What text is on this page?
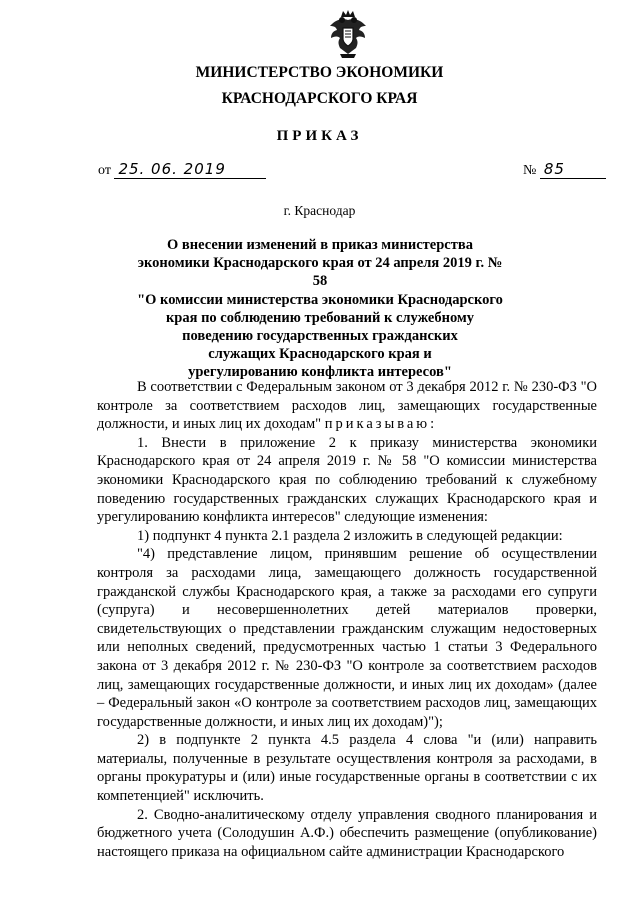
МИНИСТЕРСТВО ЭКОНОМИКИ
КРАСНОДАРСКОГО КРАЯ
ПРИКАЗ
от 25. 06. 2019	№ 85
г. Краснодар
О внесении изменений в приказ министерства
экономики Краснодарского края от 24 апреля 2019 г. № 58
"О комиссии министерства экономики Краснодарского
края по соблюдению требований к служебному
поведению государственных гражданских
служащих Краснодарского края и
урегулированию конфликта интересов"

В соответствии с Федеральным законом от 3 декабря 2012 г. № 230-ФЗ "О контроле за соответствием расходов лиц, замещающих государственные должности, и иных лиц их доходам" приказываю:

1. Внести в приложение 2 к приказу министерства экономики Краснодарского края от 24 апреля 2019 г. № 58 "О комиссии министерства экономики Краснодарского края по соблюдению требований к служебному поведению государственных гражданских служащих Краснодарского края и урегулированию конфликта интересов" следующие изменения:

1) подпункт 4 пункта 2.1 раздела 2 изложить в следующей редакции:

"4) представление лицом, принявшим решение об осуществлении контроля за расходами лица, замещающего должность государственной гражданской службы Краснодарского края, а также за расходами его супруги (супруга) и несовершеннолетних детей материалов проверки, свидетельствующих о представлении гражданским служащим недостоверных или неполных сведений, предусмотренных частью 1 статьи 3 Федерального закона от 3 декабря 2012 г. № 230-ФЗ "О контроле за соответствием расходов лиц, замещающих государственные должности, и иных лиц их доходам» (далее – Федеральный закон «О контроле за соответствием расходов лиц, замещающих государственные должности, и иных лиц их доходам)");

2) в подпункте 2 пункта 4.5 раздела 4 слова "и (или) направить материалы, полученные в результате осуществления контроля за расходами, в органы прокуратуры и (или) иные государственные органы в соответствии с их компетенцией" исключить.

2. Сводно-аналитическому отделу управления сводного планирования и бюджетного учета (Солодушин А.Ф.) обеспечить размещение (опубликование) настоящего приказа на официальном сайте администрации Краснодарского
